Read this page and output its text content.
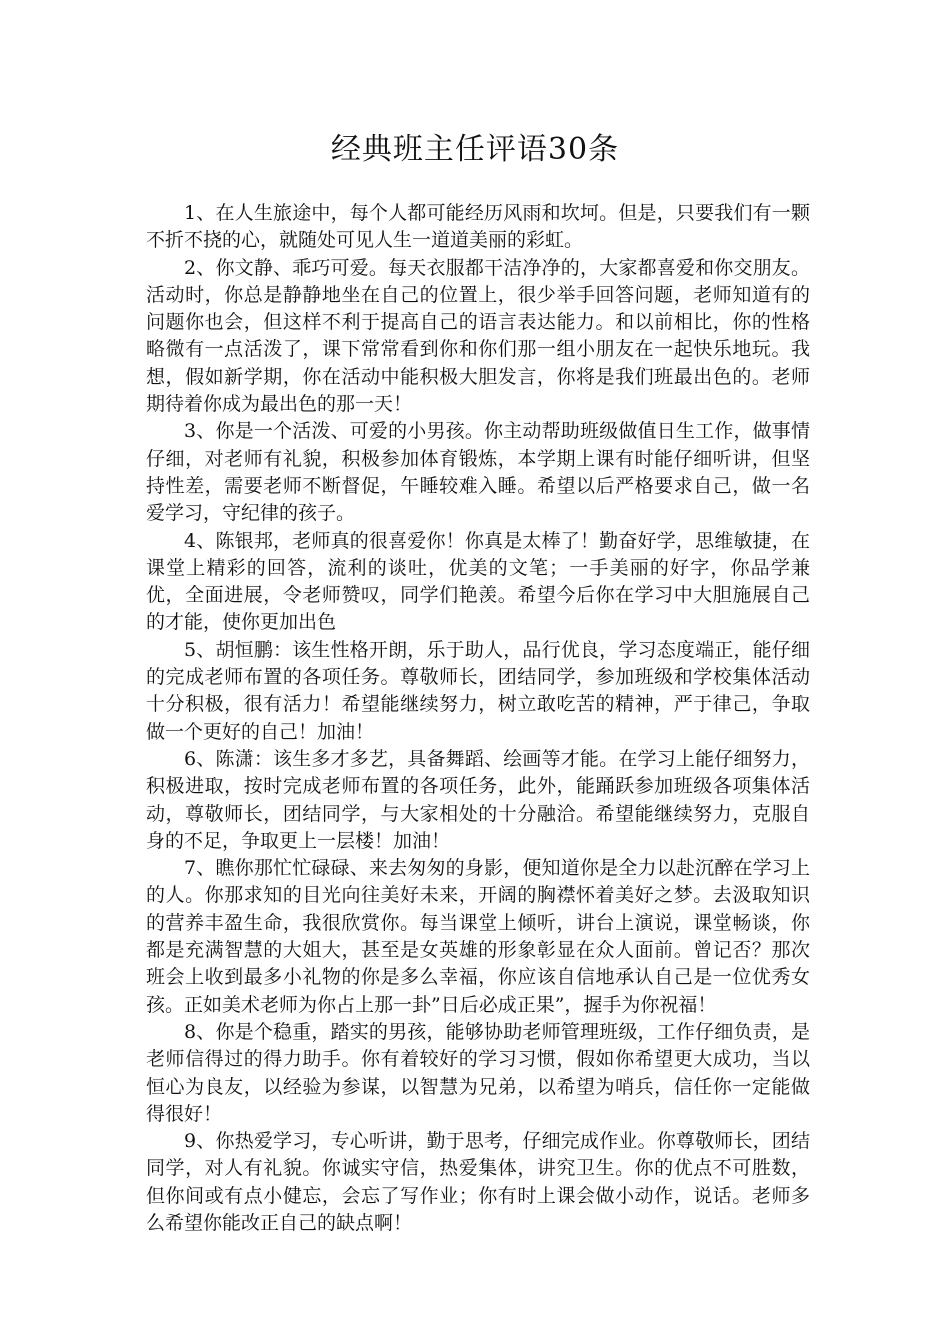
经典班主任评语30条

1、在人生旅途中，每个人都可能经历风雨和坎坷。但是，只要我们有一颗不折不挠的心，就随处可见人生一道道美丽的彩虹。

2、你文静、乖巧可爱。每天衣服都干洁净净的，大家都喜爱和你交朋友。活动时，你总是静静地坐在自己的位置上，很少举手回答问题，老师知道有的问题你也会，但这样不利于提高自己的语言表达能力。和以前相比，你的性格略微有一点活泼了，课下常常看到你和你们那一组小朋友在一起快乐地玩。我想，假如新学期，你在活动中能积极大胆发言，你将是我们班最出色的。老师期待着你成为最出色的那一天！

3、你是一个活泼、可爱的小男孩。你主动帮助班级做值日生工作，做事情仔细，对老师有礼貌，积极参加体育锻炼，本学期上课有时能仔细听讲，但坚持性差，需要老师不断督促，午睡较难入睡。希望以后严格要求自己，做一名爱学习，守纪律的孩子。

4、陈银邦，老师真的很喜爱你！你真是太棒了！勤奋好学，思维敏捷，在课堂上精彩的回答，流利的谈吐，优美的文笔；一手美丽的好字，你品学兼优，全面进展，令老师赞叹，同学们艳羡。希望今后你在学习中大胆施展自己的才能，使你更加出色

5、胡恒鹏：该生性格开朗，乐于助人，品行优良，学习态度端正，能仔细的完成老师布置的各项任务。尊敬师长，团结同学，参加班级和学校集体活动十分积极，很有活力！希望能继续努力，树立敢吃苦的精神，严于律己，争取做一个更好的自己！加油！

6、陈潇：该生多才多艺，具备舞蹈、绘画等才能。在学习上能仔细努力，积极进取，按时完成老师布置的各项任务，此外，能踊跃参加班级各项集体活动，尊敬师长，团结同学，与大家相处的十分融洽。希望能继续努力，克服自身的不足，争取更上一层楼！加油！

7、瞧你那忙忙碌碌、来去匆匆的身影，便知道你是全力以赴沉醉在学习上的人。你那求知的目光向往美好未来，开阔的胸襟怀着美好之梦。去汲取知识的营养丰盈生命，我很欣赏你。每当课堂上倾听，讲台上演说，课堂畅谈，你都是充满智慧的大姐大，甚至是女英雄的形象彰显在众人面前。曾记否？那次班会上收到最多小礼物的你是多么幸福，你应该自信地承认自己是一位优秀女孩。正如美术老师为你占上那一卦”日后必成正果”，握手为你祝福！

8、你是个稳重，踏实的男孩，能够协助老师管理班级，工作仔细负责，是老师信得过的得力助手。你有着较好的学习习惯，假如你希望更大成功，当以恒心为良友，以经验为参谋，以智慧为兄弟，以希望为哨兵，信任你一定能做得很好！

9、你热爱学习，专心听讲，勤于思考，仔细完成作业。你尊敬师长，团结同学，对人有礼貌。你诚实守信，热爱集体，讲究卫生。你的优点不可胜数，但你间或有点小健忘，会忘了写作业；你有时上课会做小动作，说话。老师多么希望你能改正自己的缺点啊！
